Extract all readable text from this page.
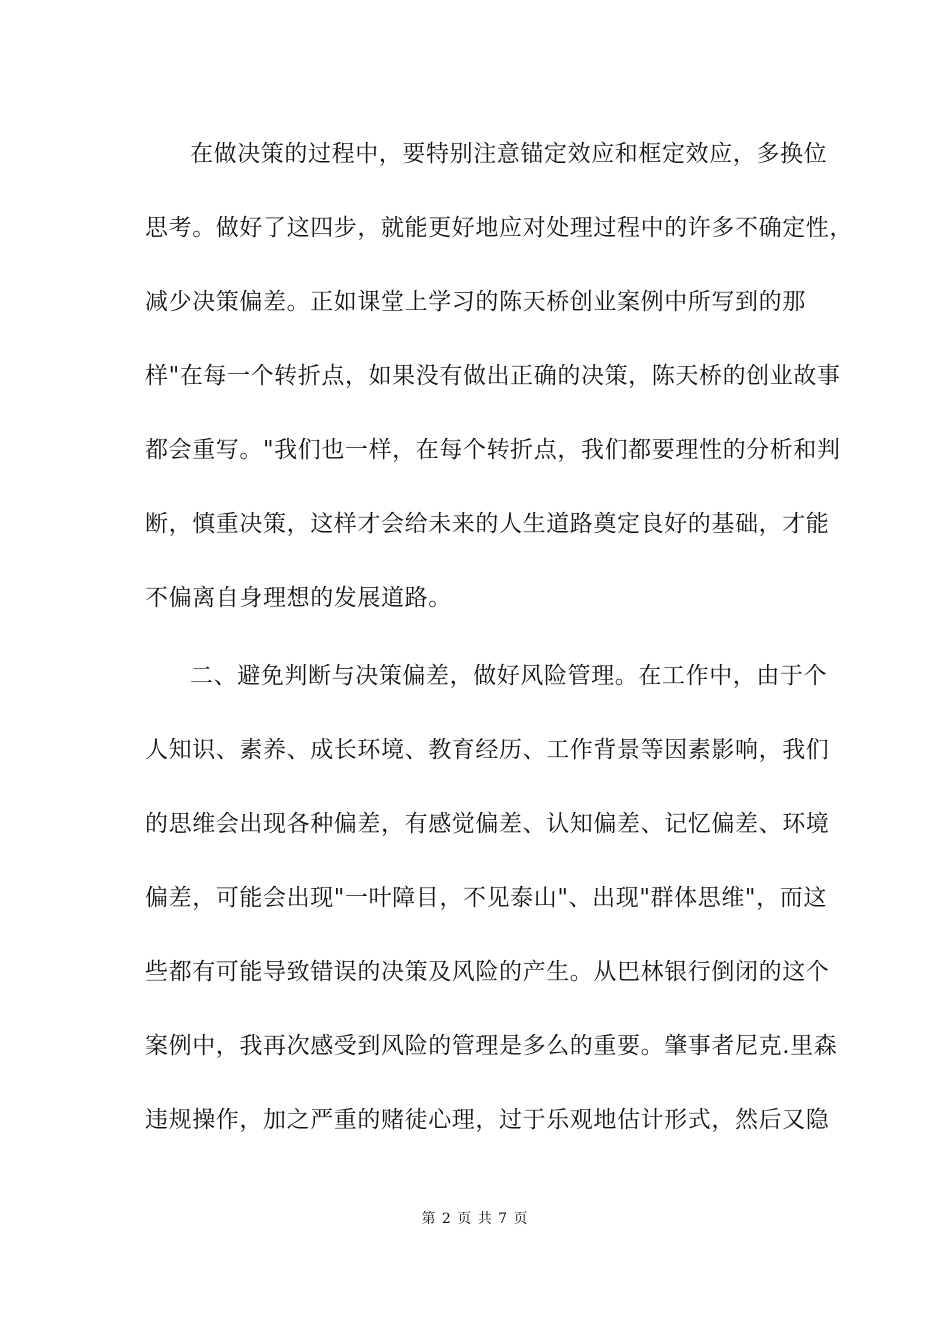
在做决策的过程中，要特别注意锚定效应和框定效应，多换位
思考。做好了这四步，就能更好地应对处理过程中的许多不确定性，
减少决策偏差。正如课堂上学习的陈天桥创业案例中所写到的那
样"在每一个转折点，如果没有做出正确的决策，陈天桥的创业故事
都会重写。"我们也一样，在每个转折点，我们都要理性的分析和判
断，慎重决策，这样才会给未来的人生道路奠定良好的基础，才能
不偏离自身理想的发展道路。
二、避免判断与决策偏差，做好风险管理。在工作中，由于个
人知识、素养、成长环境、教育经历、工作背景等因素影响，我们
的思维会出现各种偏差，有感觉偏差、认知偏差、记忆偏差、环境
偏差，可能会出现"一叶障目，不见泰山"、出现"群体思维"，而这
些都有可能导致错误的决策及风险的产生。从巴林银行倒闭的这个
案例中，我再次感受到风险的管理是多么的重要。肇事者尼克.里森
违规操作，加之严重的赌徒心理，过于乐观地估计形式，然后又隐
第 2 页 共 7 页
